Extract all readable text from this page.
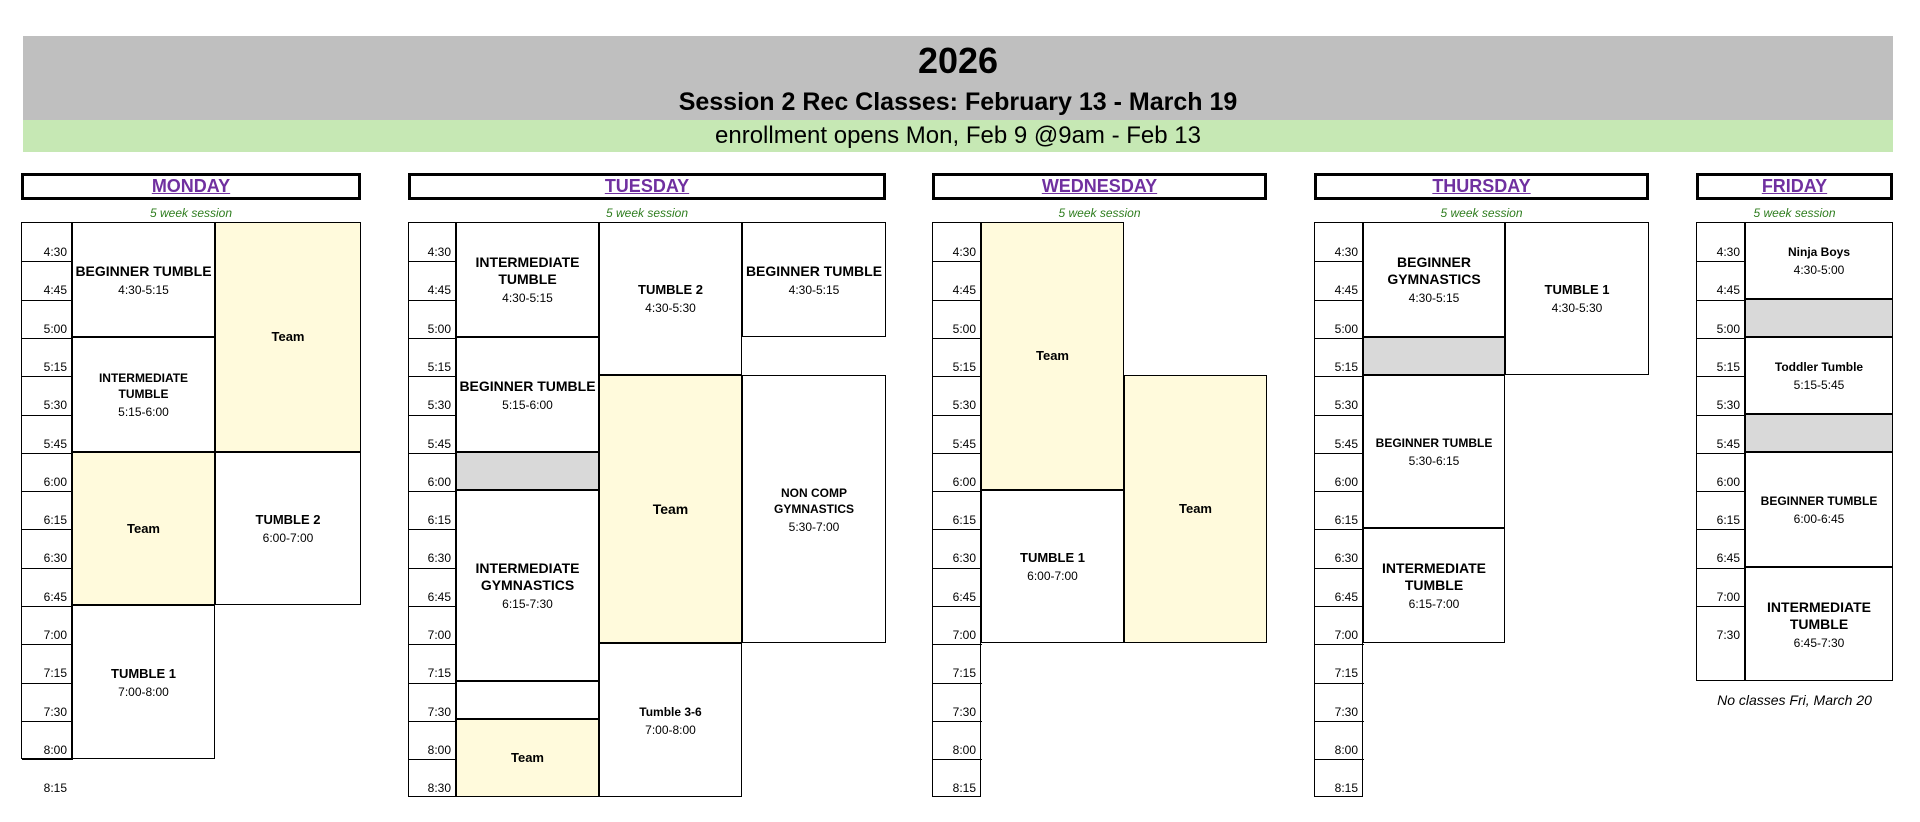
2026
Session 2 Rec Classes: February 13 - March 19
enrollment opens Mon, Feb 9 @9am - Feb 13
MONDAY
5 week session
4:30
4:45
5:00
5:15
5:30
5:45
6:00
6:15
6:30
6:45
7:00
7:15
7:30
8:00
8:15
BEGINNER TUMBLE
4:30-5:15
Team
INTERMEDIATE TUMBLE
5:15-6:00
Team
TUMBLE 2
6:00-7:00
TUMBLE 1
7:00-8:00
TUESDAY
5 week session
4:30
4:45
5:00
5:15
5:30
5:45
6:00
6:15
6:30
6:45
7:00
7:15
7:30
8:00
8:30
INTERMEDIATE TUMBLE
4:30-5:15
TUMBLE 2
4:30-5:30
BEGINNER TUMBLE
4:30-5:15
BEGINNER TUMBLE
5:15-6:00
Team
NON COMP GYMNASTICS
5:30-7:00
INTERMEDIATE GYMNASTICS
6:15-7:30
Tumble 3-6
7:00-8:00
Team
WEDNESDAY
5 week session
4:30
4:45
5:00
5:15
5:30
5:45
6:00
6:15
6:30
6:45
7:00
7:15
7:30
8:00
8:15
Team
Team
TUMBLE 1
6:00-7:00
THURSDAY
5 week session
4:30
4:45
5:00
5:15
5:30
5:45
6:00
6:15
6:30
6:45
7:00
7:15
7:30
8:00
8:15
BEGINNER GYMNASTICS
4:30-5:15
TUMBLE 1
4:30-5:30
BEGINNER TUMBLE
5:30-6:15
INTERMEDIATE TUMBLE
6:15-7:00
FRIDAY
5 week session
4:30
4:45
5:00
5:15
5:30
5:45
6:00
6:15
6:45
7:00
7:30
Ninja Boys
4:30-5:00
Toddler Tumble
5:15-5:45
BEGINNER TUMBLE
6:00-6:45
INTERMEDIATE TUMBLE
6:45-7:30
No classes Fri, March 20
